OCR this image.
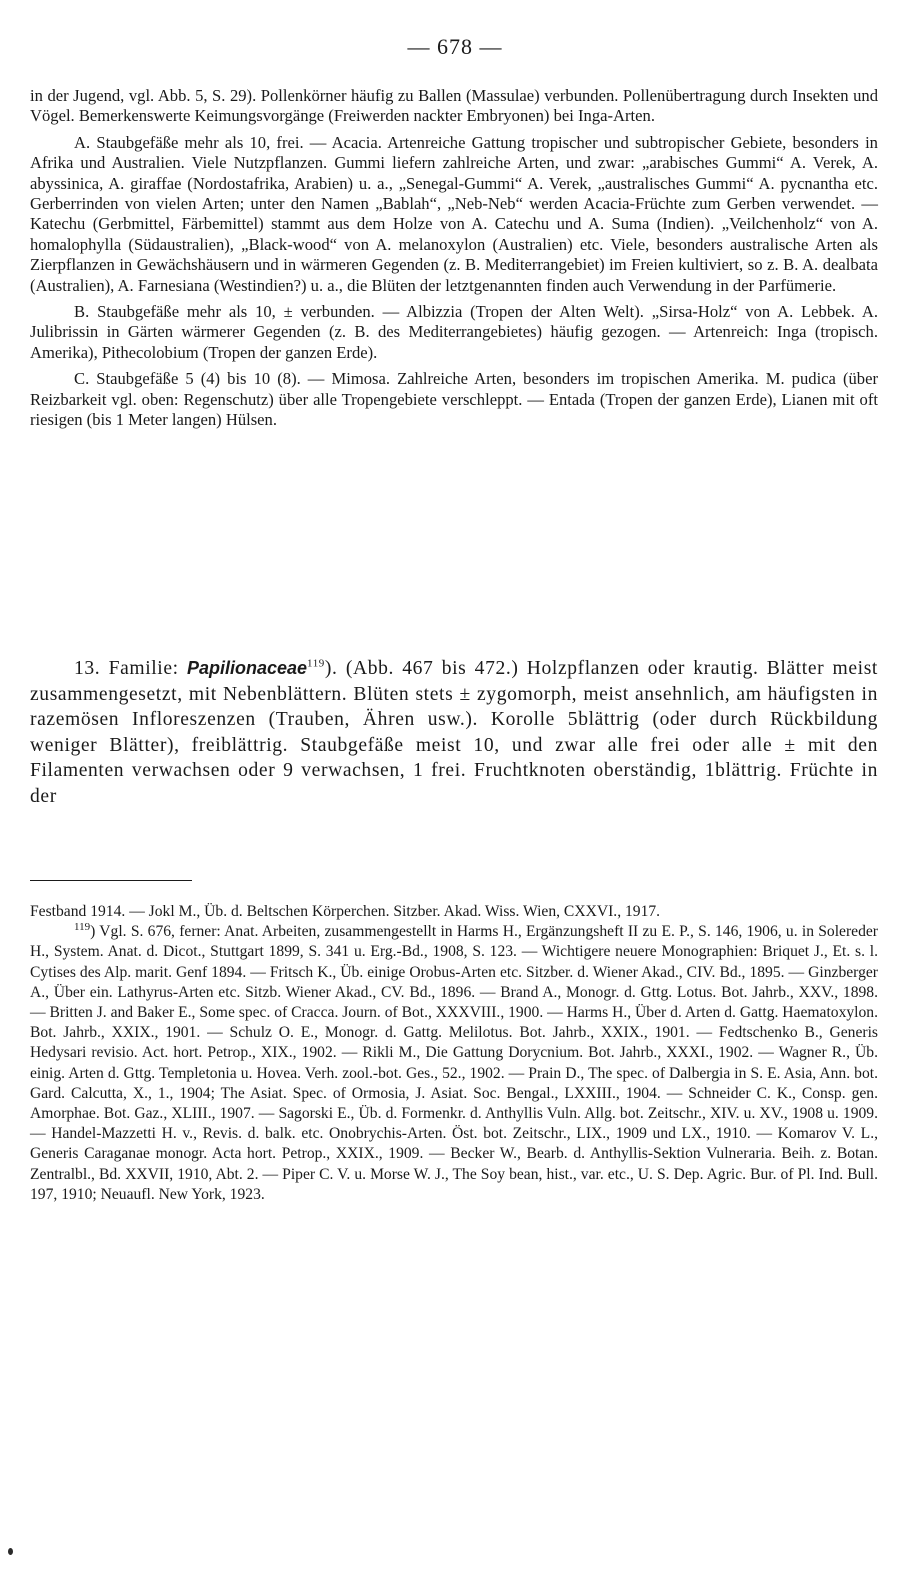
— 678 —

in der Jugend, vgl. Abb. 5, S. 29). Pollenkörner häufig zu Ballen (Massulae) verbunden. Pollenübertragung durch Insekten und Vögel. Bemerkenswerte Keimungsvorgänge (Freiwerden nackter Embryonen) bei Inga-Arten.

A. Staubgefäße mehr als 10, frei. — Acacia. Artenreiche Gattung tropischer und subtropischer Gebiete, besonders in Afrika und Australien. Viele Nutzpflanzen. Gummi liefern zahlreiche Arten, und zwar: „arabisches Gummi“ A. Verek, A. abyssinica, A. giraffae (Nordostafrika, Arabien) u. a., „Senegal-Gummi“ A. Verek, „australisches Gummi“ A. pycnantha etc. Gerberrinden von vielen Arten; unter den Namen „Bablah“, „Neb-Neb“ werden Acacia-Früchte zum Gerben verwendet. — Katechu (Gerbmittel, Färbemittel) stammt aus dem Holze von A. Catechu und A. Suma (Indien). „Veilchenholz“ von A. homalophylla (Südaustralien), „Black-wood“ von A. melanoxylon (Australien) etc. Viele, besonders australische Arten als Zierpflanzen in Gewächshäusern und in wärmeren Gegenden (z. B. Mediterrangebiet) im Freien kultiviert, so z. B. A. dealbata (Australien), A. Farnesiana (Westindien?) u. a., die Blüten der letztgenannten finden auch Verwendung in der Parfümerie.

B. Staubgefäße mehr als 10, ± verbunden. — Albizzia (Tropen der Alten Welt). „Sirsa-Holz“ von A. Lebbek. A. Julibrissin in Gärten wärmerer Gegenden (z. B. des Mediterrangebietes) häufig gezogen. — Artenreich: Inga (tropisch. Amerika), Pithecolobium (Tropen der ganzen Erde).

C. Staubgefäße 5 (4) bis 10 (8). — Mimosa. Zahlreiche Arten, besonders im tropischen Amerika. M. pudica (über Reizbarkeit vgl. oben: Regenschutz) über alle Tropengebiete verschleppt. — Entada (Tropen der ganzen Erde), Lianen mit oft riesigen (bis 1 Meter langen) Hülsen.

13. Familie: Papilionaceae$^{119}$). (Abb. 467 bis 472.) Holzpflanzen oder krautig. Blätter meist zusammengesetzt, mit Nebenblättern. Blüten stets ± zygomorph, meist ansehnlich, am häufigsten in razemösen Infloreszenzen (Trauben, Ähren usw.). Korolle 5blättrig (oder durch Rückbildung weniger Blätter), freiblättrig. Staubgefäße meist 10, und zwar alle frei oder alle ± mit den Filamenten verwachsen oder 9 verwachsen, 1 frei. Fruchtknoten oberständig, 1blättrig. Früchte in der

Festband 1914. — Jokl M., Üb. d. Beltschen Körperchen. Sitzber. Akad. Wiss. Wien, CXXVI., 1917.

$^{119}$) Vgl. S. 676, ferner: Anat. Arbeiten, zusammengestellt in Harms H., Ergänzungsheft II zu E. P., S. 146, 1906, u. in Solereder H., System. Anat. d. Dicot., Stuttgart 1899, S. 341 u. Erg.-Bd., 1908, S. 123. — Wichtigere neuere Monographien: Briquet J., Et. s. l. Cytises des Alp. marit. Genf 1894. — Fritsch K., Üb. einige Orobus-Arten etc. Sitzber. d. Wiener Akad., CIV. Bd., 1895. — Ginzberger A., Über ein. Lathyrus-Arten etc. Sitzb. Wiener Akad., CV. Bd., 1896. — Brand A., Monogr. d. Gttg. Lotus. Bot. Jahrb., XXV., 1898. — Britten J. and Baker E., Some spec. of Cracca. Journ. of Bot., XXXVIII., 1900. — Harms H., Über d. Arten d. Gattg. Haematoxylon. Bot. Jahrb., XXIX., 1901. — Schulz O. E., Monogr. d. Gattg. Melilotus. Bot. Jahrb., XXIX., 1901. — Fedtschenko B., Generis Hedysari revisio. Act. hort. Petrop., XIX., 1902. — Rikli M., Die Gattung Dorycnium. Bot. Jahrb., XXXI., 1902. — Wagner R., Üb. einig. Arten d. Gttg. Templetonia u. Hovea. Verh. zool.-bot. Ges., 52., 1902. — Prain D., The spec. of Dalbergia in S. E. Asia, Ann. bot. Gard. Calcutta, X., 1., 1904; The Asiat. Spec. of Ormosia, J. Asiat. Soc. Bengal., LXXIII., 1904. — Schneider C. K., Consp. gen. Amorphae. Bot. Gaz., XLIII., 1907. — Sagorski E., Üb. d. Formenkr. d. Anthyllis Vuln. Allg. bot. Zeitschr., XIV. u. XV., 1908 u. 1909. — Handel-Mazzetti H. v., Revis. d. balk. etc. Onobrychis-Arten. Öst. bot. Zeitschr., LIX., 1909 und LX., 1910. — Komarov V. L., Generis Caraganae monogr. Acta hort. Petrop., XXIX., 1909. — Becker W., Bearb. d. Anthyllis-Sektion Vulneraria. Beih. z. Botan. Zentralbl., Bd. XXVII, 1910, Abt. 2. — Piper C. V. u. Morse W. J., The Soy bean, hist., var. etc., U. S. Dep. Agric. Bur. of Pl. Ind. Bull. 197, 1910; Neuaufl. New York, 1923.
